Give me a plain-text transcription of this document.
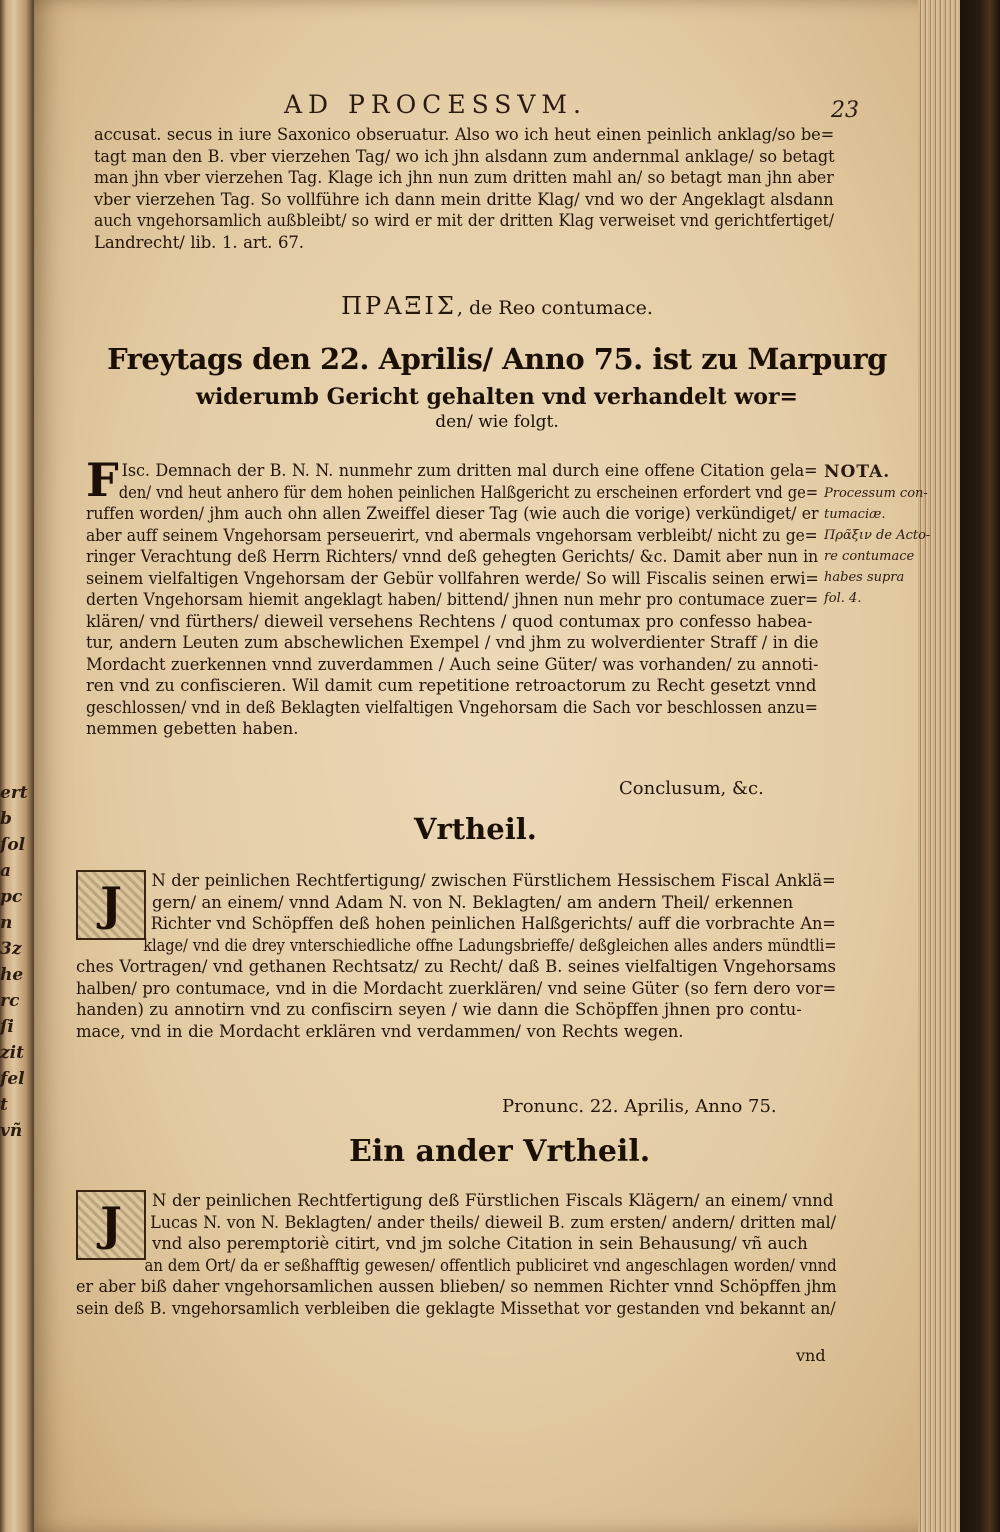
ert
b
ſol
a
pc
n
3z
he
rc
ſi
zit
fel
t
vñ
AD PROCESSVM.	23
accusat. secus in iure Saxonico obseruatur. Also wo ich heut einen peinlich anklag/so be=
tagt man den B. vber vierzehen Tag/ wo ich jhn alsdann zum andernmal anklage/ so betagt
man jhn vber vierzehen Tag. Klage ich jhn nun zum dritten mahl an/ so betagt man jhn aber
vber vierzehen Tag. So vollführe ich dann mein dritte Klag/ vnd wo der Angeklagt alsdann
auch vngehorsamlich außbleibt/ so wird er mit der dritten Klag verweiset vnd gerichtfertiget/
Landrecht/ lib. 1. art. 67.
ΠΡΑΞΙΣ, de Reo contumace.
Freytags den 22. Aprilis/ Anno 75. ist zu Marpurg
widerumb Gericht gehalten vnd verhandelt wor=
den/ wie folgt.
F Isc. Demnach der B. N. N. nunmehr zum dritten mal durch eine offene Citation gela=
den/ vnd heut anhero für dem hohen peinlichen Halßgericht zu erscheinen erfordert vnd ge=
ruffen worden/ jhm auch ohn allen Zweiffel dieser Tag (wie auch die vorige) verkündiget/ er
aber auff seinem Vngehorsam perseuerirt, vnd abermals vngehorsam verbleibt/ nicht zu ge=
ringer Verachtung deß Herrn Richters/ vnnd deß gehegten Gerichts/ &c. Damit aber nun in
seinem vielfaltigen Vngehorsam der Gebür vollfahren werde/ So will Fiscalis seinen erwi=
derten Vngehorsam hiemit angeklagt haben/ bittend/ jhnen nun mehr pro contumace zuer=
klären/ vnd fürthers/ dieweil versehens Rechtens / quod contumax pro confesso habea-
tur, andern Leuten zum abschewlichen Exempel / vnd jhm zu wolverdienter Straff / in die
Mordacht zuerkennen vnnd zuverdammen / Auch seine Güter/ was vorhanden/ zu annoti-
ren vnd zu confiscieren. Wil damit cum repetitione retroactorum zu Recht gesetzt vnnd
geschlossen/ vnd in deß Beklagten vielfaltigen Vngehorsam die Sach vor beschlossen anzu=
nemmen gebetten haben.
NOTA.
Processum con-
tumaciæ.
Πρᾶξιν de Acto-
re contumace
habes supra
fol. 4.
Conclusum, &c.
Vrtheil.
J	N der peinlichen Rechtfertigung/ zwischen Fürstlichem Hessischem Fiscal Anklä=
gern/ an einem/ vnnd Adam N. von N. Beklagten/ am andern Theil/ erkennen
Richter vnd Schöpffen deß hohen peinlichen Halßgerichts/ auff die vorbrachte An=
klage/ vnd die drey vnterschiedliche offne Ladungsbrieffe/ deßgleichen alles anders mündtli=
ches Vortragen/ vnd gethanen Rechtsatz/ zu Recht/ daß B. seines vielfaltigen Vngehorsams
halben/ pro contumace, vnd in die Mordacht zuerklären/ vnd seine Güter (so fern dero vor=
handen) zu annotirn vnd zu confiscirn seyen / wie dann die Schöpffen jhnen pro contu-
mace, vnd in die Mordacht erklären vnd verdammen/ von Rechts wegen.
Pronunc. 22. Aprilis, Anno 75.
Ein ander Vrtheil.
J	N der peinlichen Rechtfertigung deß Fürstlichen Fiscals Klägern/ an einem/ vnnd
Lucas N. von N. Beklagten/ ander theils/ dieweil B. zum ersten/ andern/ dritten mal/
vnd also peremptoriè citirt, vnd jm solche Citation in sein Behausung/ vñ auch
an dem Ort/ da er seßhafftig gewesen/ offentlich publiciret vnd angeschlagen worden/ vnnd
er aber biß daher vngehorsamlichen aussen blieben/ so nemmen Richter vnnd Schöpffen jhm
sein deß B. vngehorsamlich verbleiben die geklagte Missethat vor gestanden vnd bekannt an/
vnd
